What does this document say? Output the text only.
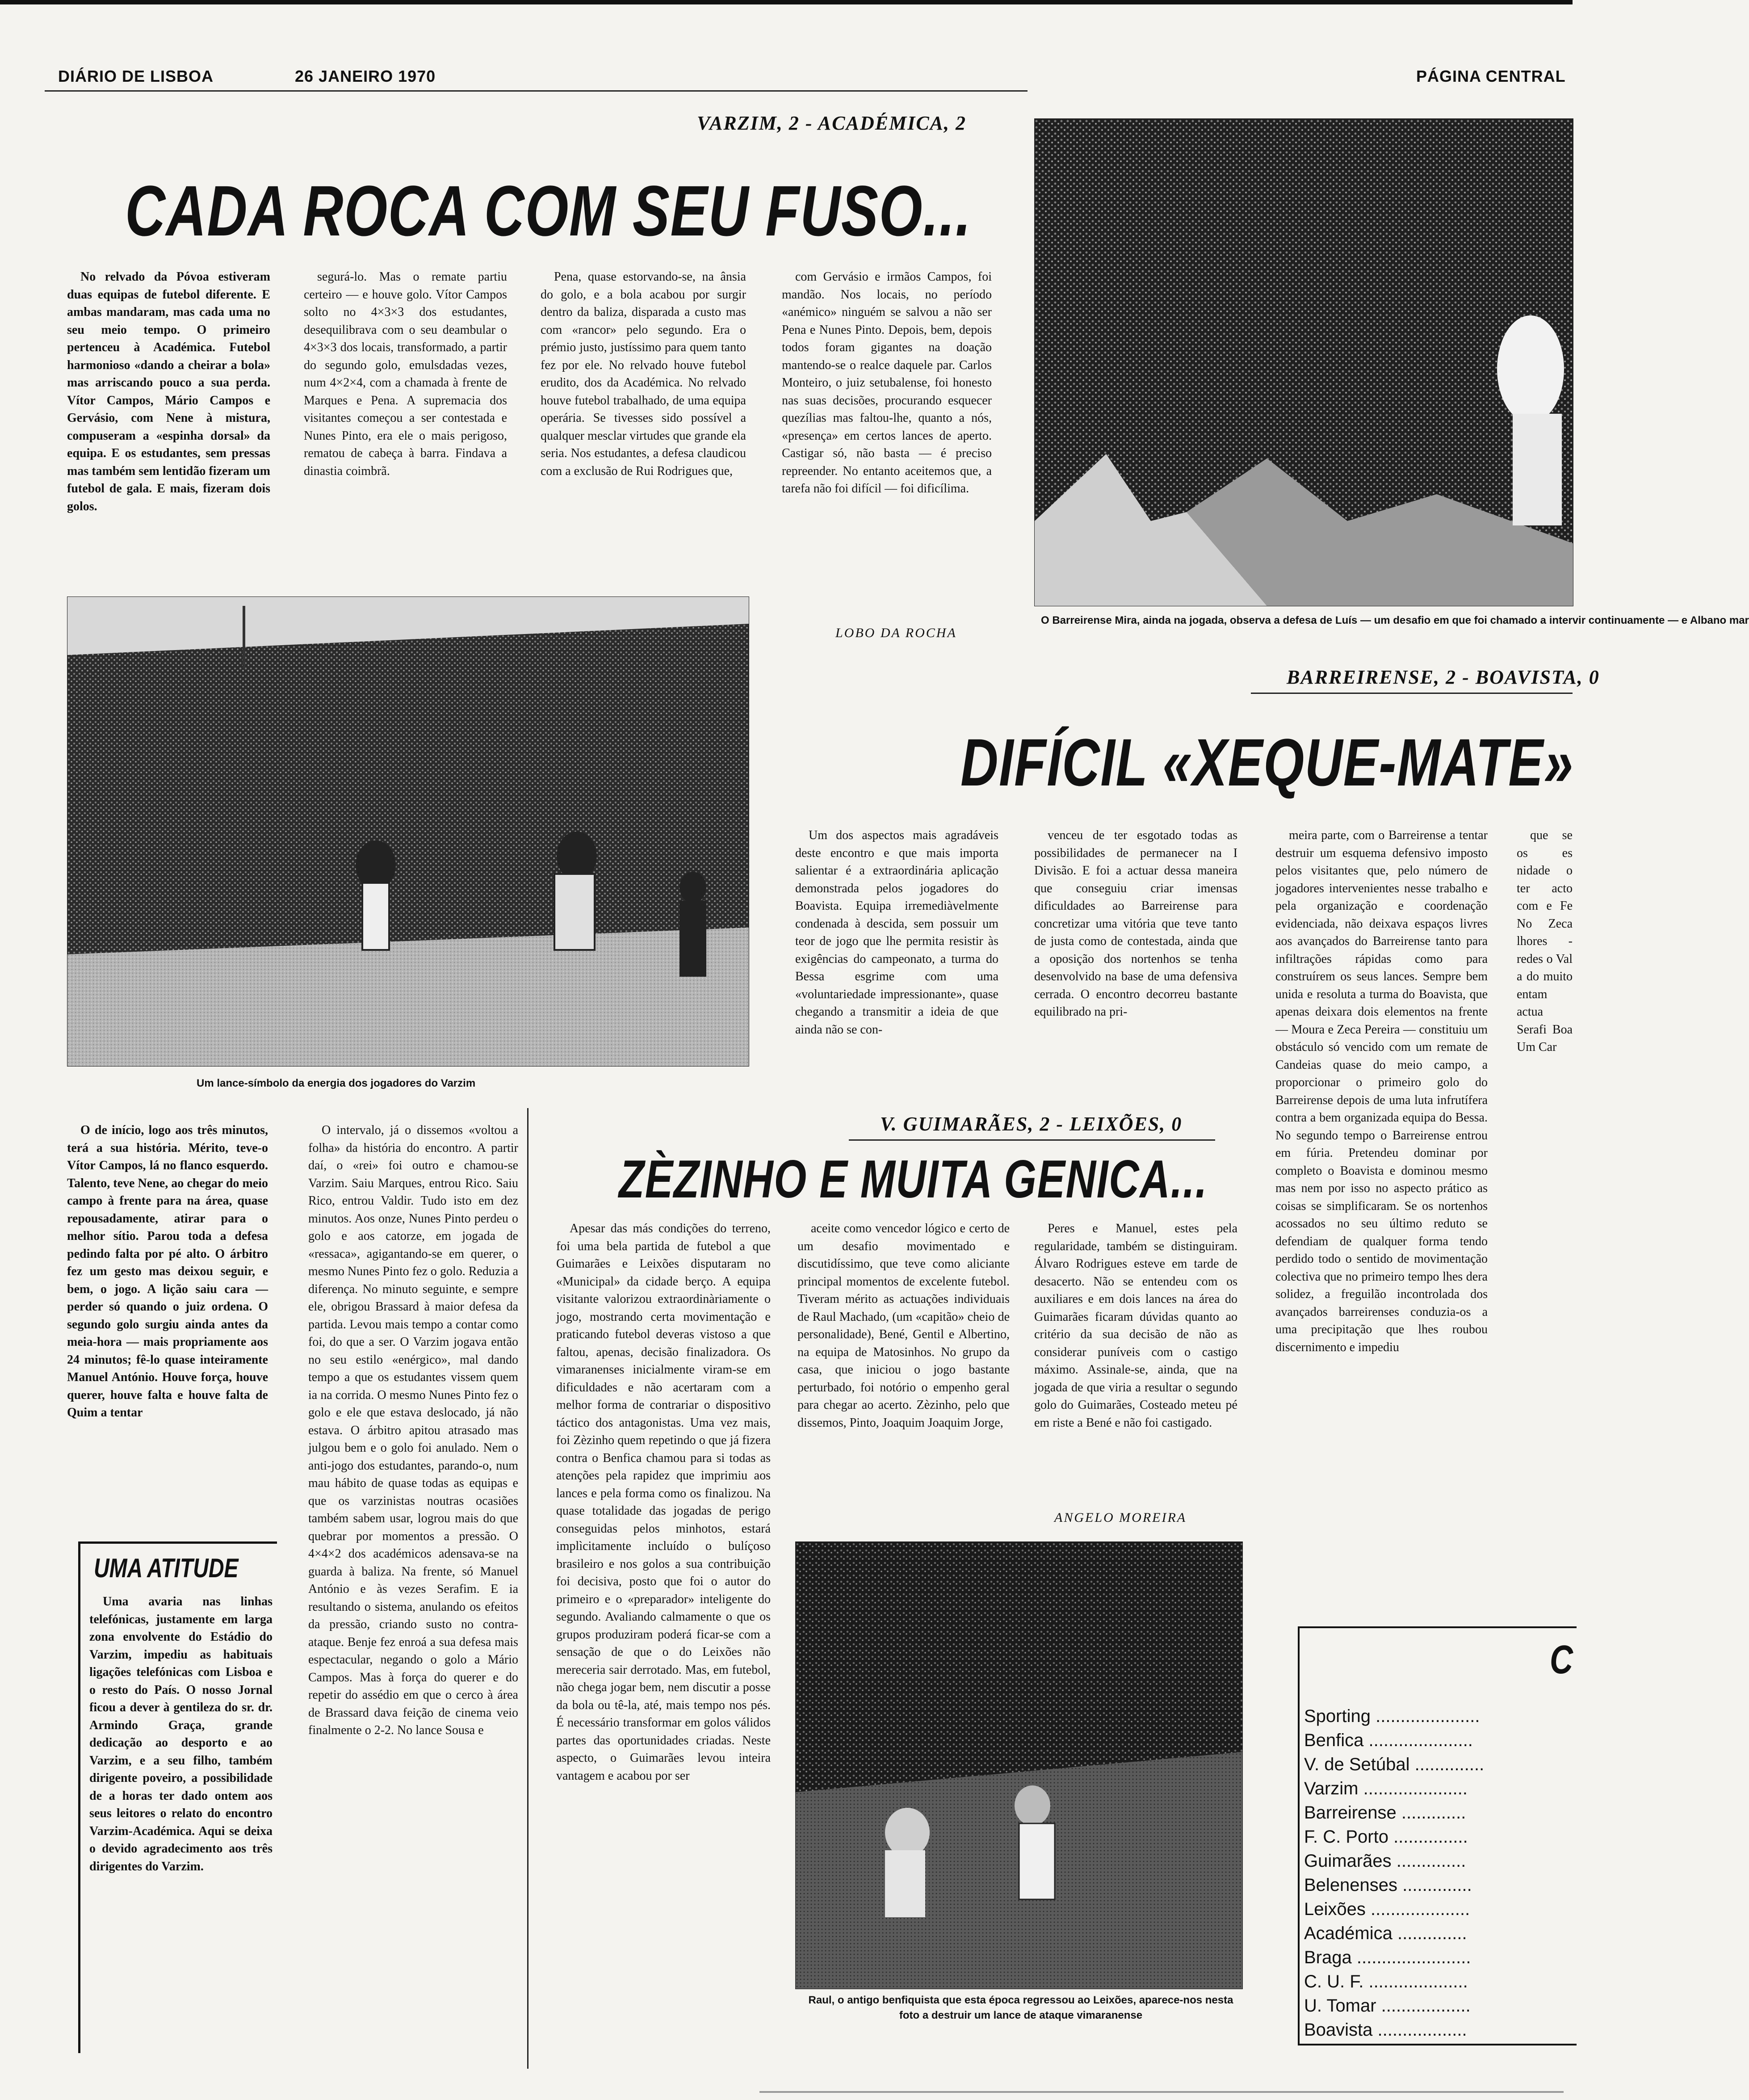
DIÁRIO DE LISBOA	26 JANEIRO 1970	PÁGINA CENTRAL
VARZIM, 2 - ACADÉMICA, 2
CADA ROCA COM SEU FUSO...

No relvado da Póvoa estiveram duas equipas de futebol diferente. E ambas mandaram, mas cada uma no seu meio tempo. O primeiro pertenceu à Académica. Futebol harmonioso «dando a cheirar a bola» mas arriscando pouco a sua perda. Vítor Campos, Mário Campos e Gervásio, com Nene à mistura, compuseram a «espinha dorsal» da equipa. E os estudantes, sem pressas mas também sem lentidão fizeram um futebol de gala. E mais, fizeram dois golos.

segurá-lo. Mas o remate partiu certeiro — e houve golo. Vítor Campos solto no 4×3×3 dos estudantes, desequilibrava com o seu deambular o 4×3×3 dos locais, transformado, a partir do segundo golo, emulsdadas vezes, num 4×2×4, com a chamada à frente de Marques e Pena. A supremacia dos visitantes começou a ser contestada e Nunes Pinto, era ele o mais perigoso, rematou de cabeça à barra. Findava a dinastia coimbrã.

Pena, quase estorvando-se, na ânsia do golo, e a bola acabou por surgir dentro da baliza, disparada a custo mas com «rancor» pelo segundo. Era o prémio justo, justíssimo para quem tanto fez por ele. No relvado houve futebol erudito, dos da Académica. No relvado houve futebol trabalhado, de uma equipa operária. Se tivesses sido possível a qualquer mesclar virtudes que grande ela seria. Nos estudantes, a defesa claudicou com a exclusão de Rui Rodrigues que,

com Gervásio e irmãos Campos, foi mandão. Nos locais, no período «anémico» ninguém se salvou a não ser Pena e Nunes Pinto. Depois, bem, depois todos foram gigantes na doação mantendo-se o realce daquele par. Carlos Monteiro, o juiz setubalense, foi honesto nas suas decisões, procurando esquecer quezílias mas faltou-lhe, quanto a nós, «presença» em certos lances de aperto. Castigar só, não basta — é preciso repreender. No entanto aceitemos que, a tarefa não foi difícil — foi dificílima.

LOBO DA ROCHA
Um lance-símbolo da energia dos jogadores do Varzim

O de início, logo aos três minutos, terá a sua história. Mérito, teve-o Vítor Campos, lá no flanco esquerdo. Talento, teve Nene, ao chegar do meio campo à frente para na área, quase repousadamente, atirar para o melhor sítio. Parou toda a defesa pedindo falta por pé alto. O árbitro fez um gesto mas deixou seguir, e bem, o jogo. A lição saiu cara — perder só quando o juiz ordena. O segundo golo surgiu ainda antes da meia-hora — mais propriamente aos 24 minutos; fê-lo quase inteiramente Manuel António. Houve força, houve querer, houve falta e houve falta de Quim a tentar

O intervalo, já o dissemos «voltou a folha» da história do encontro. A partir daí, o «rei» foi outro e chamou-se Varzim. Saiu Marques, entrou Rico. Saiu Rico, entrou Valdir. Tudo isto em dez minutos. Aos onze, Nunes Pinto perdeu o golo e aos catorze, em jogada de «ressaca», agigantando-se em querer, o mesmo Nunes Pinto fez o golo. Reduzia a diferença. No minuto seguinte, e sempre ele, obrigou Brassard à maior defesa da partida. Levou mais tempo a contar como foi, do que a ser. O Varzim jogava então no seu estilo «enérgico», mal dando tempo a que os estudantes vissem quem ia na corrida. O mesmo Nunes Pinto fez o golo e ele que estava deslocado, já não estava. O árbitro apitou atrasado mas julgou bem e o golo foi anulado. Nem o anti-jogo dos estudantes, parando-o, num mau hábito de quase todas as equipas e que os varzinistas noutras ocasiões também sabem usar, logrou mais do que quebrar por momentos a pressão. O 4×4×2 dos académicos adensava-se na guarda à baliza. Na frente, só Manuel António e às vezes Serafim. E ia resultando o sistema, anulando os efeitos da pressão, criando susto no contra-ataque. Benje fez enroá a sua defesa mais espectacular, negando o golo a Mário Campos. Mas à força do querer e do repetir do assédio em que o cerco à área de Brassard dava feição de cinema veio finalmente o 2-2. No lance Sousa e

UMA ATITUDE

Uma avaria nas linhas telefónicas, justamente em larga zona envolvente do Estádio do Varzim, impediu as habituais ligações telefónicas com Lisboa e o resto do País. O nosso Jornal ficou a dever à gentileza do sr. dr. Armindo Graça, grande dedicação ao desporto e ao Varzim, e a seu filho, também dirigente poveiro, a possibilidade de a horas ter dado ontem aos seus leitores o relato do encontro Varzim-Académica. Aqui se deixa o devido agradecimento aos três dirigentes do Varzim.

O Barreirense Mira, ainda na jogada, observa a defesa de Luís — um desafio em que foi chamado a intervir continuamente — e Albano mar
BARREIRENSE, 2 - BOAVISTA, 0
DIFÍCIL «XEQUE-MATE»

Um dos aspectos mais agradáveis deste encontro e que mais importa salientar é a extraordinária aplicação demonstrada pelos jogadores do Boavista. Equipa irremediàvelmente condenada à descida, sem possuir um teor de jogo que lhe permita resistir às exigências do campeonato, a turma do Bessa esgrime com uma «voluntariedade impressionante», quase chegando a transmitir a ideia de que ainda não se con-

venceu de ter esgotado todas as possibilidades de permanecer na I Divisão. E foi a actuar dessa maneira que conseguiu criar imensas dificuldades ao Barreirense para concretizar uma vitória que teve tanto de justa como de contestada, ainda que a oposição dos nortenhos se tenha desenvolvido na base de uma defensiva cerrada. O encontro decorreu bastante equilibrado na pri-

meira parte, com o Barreirense a tentar destruir um esquema defensivo imposto pelos visitantes que, pelo número de jogadores intervenientes nesse trabalho e pela organização e coordenação evidenciada, não deixava espaços livres aos avançados do Barreirense tanto para infiltrações rápidas como para construírem os seus lances. Sempre bem unida e resoluta a turma do Boavista, que apenas deixara dois elementos na frente — Moura e Zeca Pereira — constituiu um obstáculo só vencido com um remate de Candeias quase do meio campo, a proporcionar o primeiro golo do Barreirense depois de uma luta infrutífera contra a bem organizada equipa do Bessa. No segundo tempo o Barreirense entrou em fúria. Pretendeu dominar por completo o Boavista e dominou mesmo mas nem por isso no aspecto prático as coisas se simplificaram. Se os nortenhos acossados no seu último reduto se defendiam de qualquer forma tendo perdido todo o sentido de movimentação colectiva que no primeiro tempo lhes dera solidez, a freguilão incontrolada dos avançados barreirenses conduzia-os a uma precipitação que lhes roubou discernimento e impediu

que se os es nidade o ter acto com e Fe No Zeca lhores -redes o Val a do muito entam actua Serafi Boa Um Car

V. GUIMARÃES, 2 - LEIXÕES, 0
ZÈZINHO E MUITA GENICA...

Apesar das más condições do terreno, foi uma bela partida de futebol a que Guimarães e Leixões disputaram no «Municipal» da cidade berço. A equipa visitante valorizou extraordinàriamente o jogo, mostrando certa movimentação e praticando futebol deveras vistoso a que faltou, apenas, decisão finalizadora. Os vimaranenses inicialmente viram-se em dificuldades e não acertaram com a melhor forma de contrariar o dispositivo táctico dos antagonistas. Uma vez mais, foi Zèzinho quem repetindo o que já fizera contra o Benfica chamou para si todas as atenções pela rapidez que imprimiu aos lances e pela forma como os finalizou. Na quase totalidade das jogadas de perigo conseguidas pelos minhotos, estará implìcitamente incluído o bulíçoso brasileiro e nos golos a sua contribuição foi decisiva, posto que foi o autor do primeiro e o «preparador» inteligente do segundo. Avaliando calmamente o que os grupos produziram poderá ficar-se com a sensação de que o do Leixões não mereceria sair derrotado. Mas, em futebol, não chega jogar bem, nem discutir a posse da bola ou tê-la, até, mais tempo nos pés. É necessário transformar em golos válidos partes das oportunidades criadas. Neste aspecto, o Guimarães levou inteira vantagem e acabou por ser

aceite como vencedor lógico e certo de um desafio movimentado e discutidíssimo, que teve como aliciante principal momentos de excelente futebol. Tiveram mérito as actuações individuais de Raul Machado, (um «capitão» cheio de personalidade), Bené, Gentil e Albertino, na equipa de Matosinhos. No grupo da casa, que iniciou o jogo bastante perturbado, foi notório o empenho geral para chegar ao acerto. Zèzinho, pelo que dissemos, Pinto, Joaquim Joaquim Jorge,

Peres e Manuel, estes pela regularidade, também se distinguiram. Álvaro Rodrigues esteve em tarde de desacerto. Não se entendeu com os auxiliares e em dois lances na área do Guimarães ficaram dúvidas quanto ao critério da sua decisão de não as considerar puníveis com o castigo máximo. Assinale-se, ainda, que na jogada de que viria a resultar o segundo golo do Guimarães, Costeado meteu pé em riste a Bené e não foi castigado.

ANGELO MOREIRA
Raul, o antigo benfiquista que esta época regressou ao Leixões, aparece-nos nesta foto a destruir um lance de ataque vimaranense
C
Sporting .....................
Benfica .....................
V. de Setúbal ..............
Varzim .....................
Barreirense .............
F. C. Porto ...............
Guimarães ..............
Belenenses ..............
Leixões ....................
Académica ..............
Braga .......................
C. U. F. ....................
U. Tomar ..................
Boavista ..................
